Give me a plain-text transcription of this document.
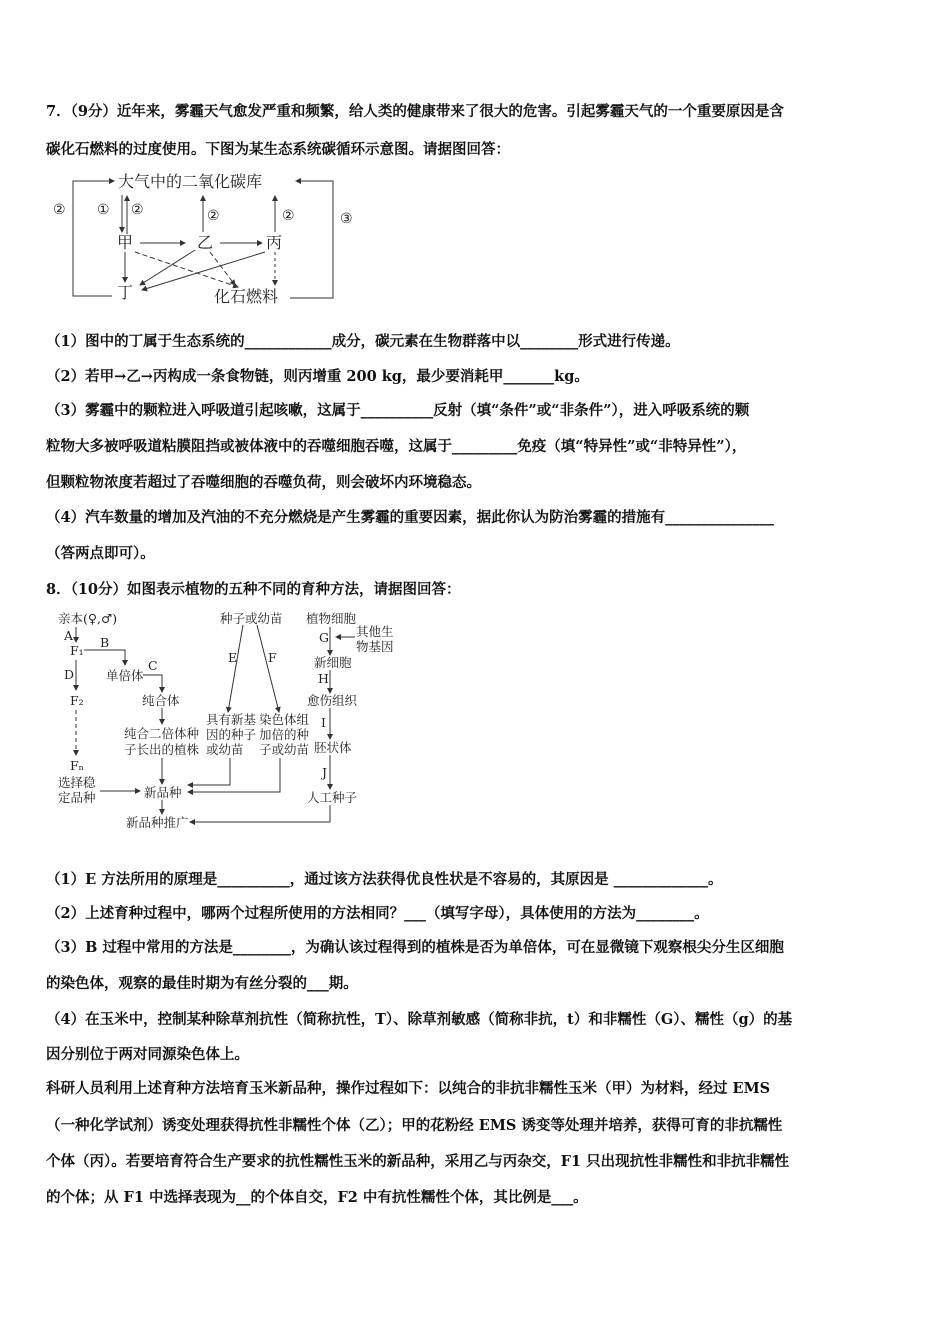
7．（9分）近年来，雾霾天气愈发严重和频繁，给人类的健康带来了很大的危害。引起雾霾天气的一个重要原因是含
碳化石燃料的过度使用。下图为某生态系统碳循环示意图。请据图回答：
大气中的二氧化碳库
② ① ②	②	②	③
甲	乙	丙
丁	化石燃料
（1）图中的丁属于生态系统的____________成分，碳元素在生物群落中以________形式进行传递。
（2）若甲→乙→丙构成一条食物链，则丙增重 200 kg，最少要消耗甲_______kg。
（3）雾霾中的颗粒进入呼吸道引起咳嗽，这属于__________反射（填“条件”或“非条件”），进入呼吸系统的颗
粒物大多被呼吸道粘膜阻挡或被体液中的吞噬细胞吞噬，这属于_________免疫（填“特异性”或“非特异性”），
但颗粒物浓度若超过了吞噬细胞的吞噬负荷，则会破坏内环境稳态。
（4）汽车数量的增加及汽油的不充分燃烧是产生雾霾的重要因素，据此你认为防治雾霾的措施有_______________
（答两点即可）。
8．（10分）如图表示植物的五种不同的育种方法，请据图回答：
亲本(♀,♂)
A
F₁
B
单倍体
C
D
F₂	纯合体
纯合二倍体种
子长出的植株
Fₙ
选择稳
定品种	新品种
新品种推广
种子或幼苗
E F
具有新基
因的种子
或幼苗
染色体组
加倍的种
子或幼苗
植物细胞
G 其他生
物基因
新细胞
H
愈伤组织
I
胚状体
J
人工种子
（1）E 方法所用的原理是__________，通过该方法获得优良性状是不容易的，其原因是 _____________。
（2）上述育种过程中，哪两个过程所使用的方法相同？___（填写字母），具体使用的方法为________。
（3）B 过程中常用的方法是________，为确认该过程得到的植株是否为单倍体，可在显微镜下观察根尖分生区细胞
的染色体，观察的最佳时期为有丝分裂的___期。
（4）在玉米中，控制某种除草剂抗性（简称抗性，T）、除草剂敏感（简称非抗，t）和非糯性（G）、糯性（g）的基
因分别位于两对同源染色体上。
科研人员利用上述育种方法培育玉米新品种，操作过程如下：以纯合的非抗非糯性玉米（甲）为材料，经过 EMS
（一种化学试剂）诱变处理获得抗性非糯性个体（乙）；甲的花粉经 EMS 诱变等处理并培养，获得可育的非抗糯性
个体（丙）。若要培育符合生产要求的抗性糯性玉米的新品种，采用乙与丙杂交，F1 只出现抗性非糯性和非抗非糯性
的个体；从 F1 中选择表现为__的个体自交，F2 中有抗性糯性个体，其比例是___。
